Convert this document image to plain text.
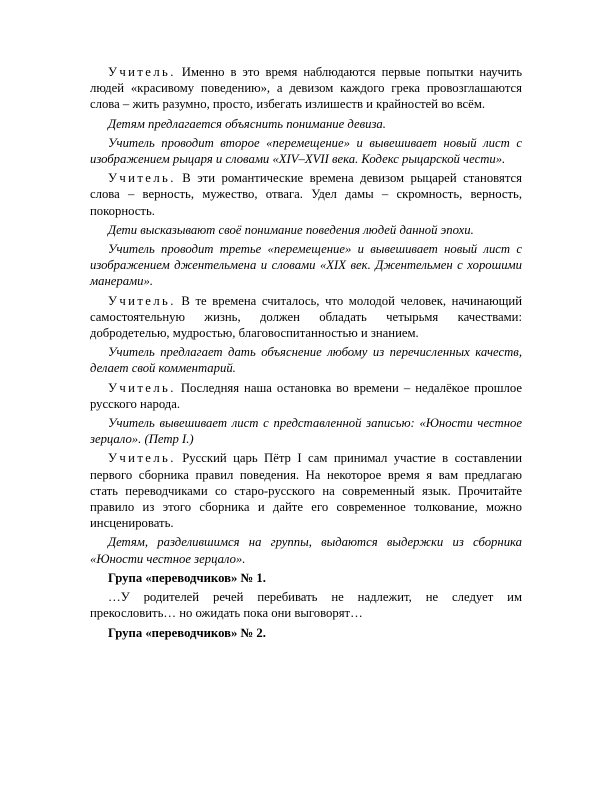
Учитель. Именно в это время наблюдаются первые попытки научить людей «красивому поведению», а девизом каждого грека провозглашаются слова – жить разумно, просто, избегать излишеств и крайностей во всём.

Детям предлагается объяснить понимание девиза.

Учитель проводит второе «перемещение» и вывешивает новый лист с изображением рыцаря и словами «XIV–XVII века. Кодекс рыцарской чести».

Учитель. В эти романтические времена девизом рыцарей становятся слова – верность, мужество, отвага. Удел дамы – скромность, верность, покорность.

Дети высказывают своё понимание поведения людей данной эпохи.

Учитель проводит третье «перемещение» и вывешивает новый лист с изображением джентельмена и словами «XIX век. Джентельмен с хорошими манерами».

Учитель. В те времена считалось, что молодой человек, начинающий самостоятельную жизнь, должен обладать четырьмя качествами: добродетелью, мудростью, благовоспитанностью и знанием.

Учитель предлагает дать объяснение любому из перечисленных качеств, делает свой комментарий.

Учитель. Последняя наша остановка во времени – недалёкое прошлое русского народа.

Учитель вывешивает лист с представленной записью: «Юности честное зерцало». (Петр I.)

Учитель. Русский царь Пётр I сам принимал участие в составлении первого сборника правил поведения. На некоторое время я вам предлагаю стать переводчиками со старо-русского на современный язык. Прочитайте правило из этого сборника и дайте его современное толкование, можно инсценировать.

Детям, разделившимся на группы, выдаются выдержки из сборника «Юности честное зерцало».

Група «переводчиков» № 1.

…У родителей речей перебивать не надлежит, не следует им прекословить… но ожидать пока они выговорят…

Група «переводчиков» № 2.
